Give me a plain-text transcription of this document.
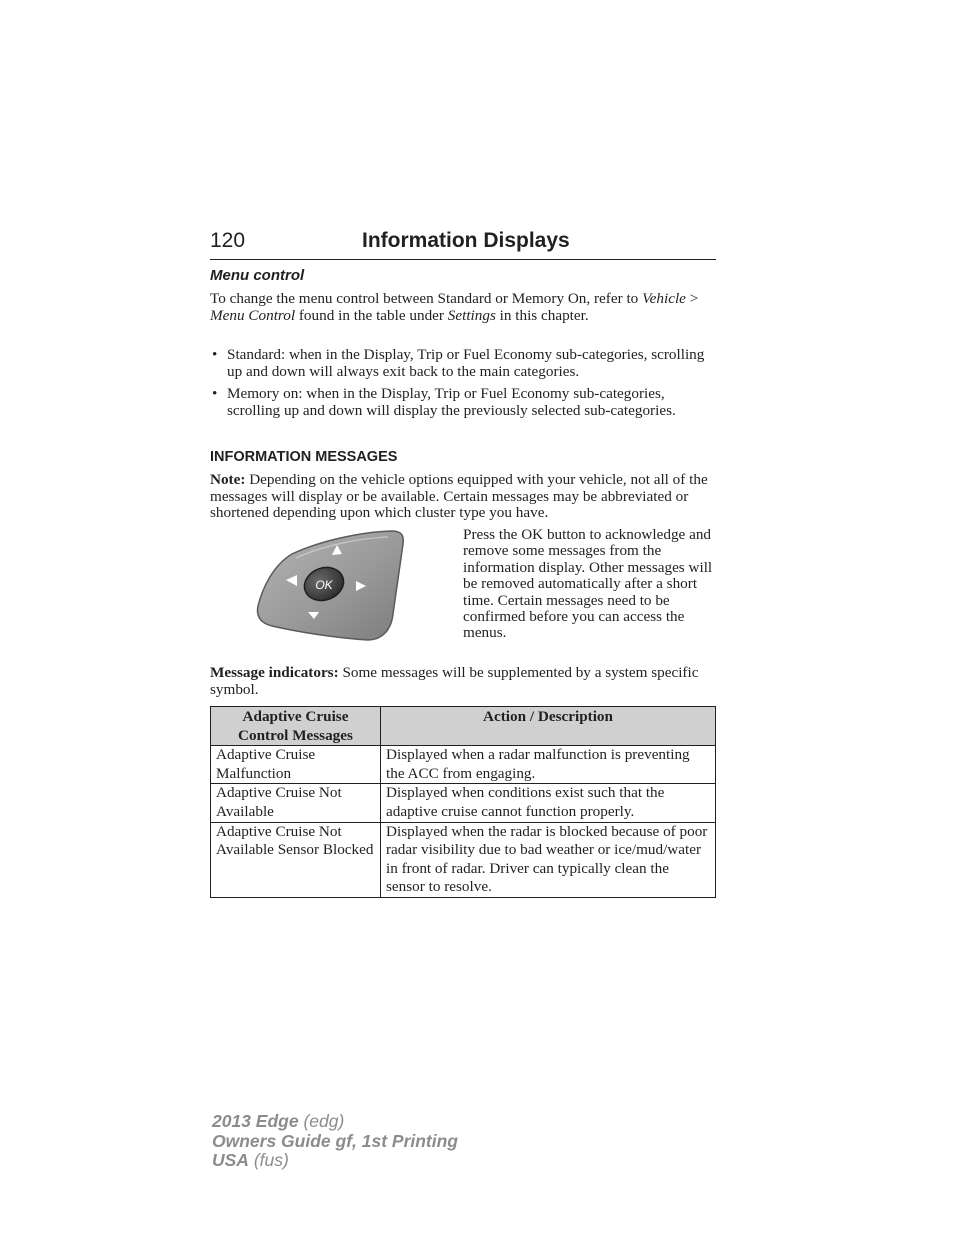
120	Information Displays
Menu control
To change the menu control between Standard or Memory On, refer to Vehicle > Menu Control found in the table under Settings in this chapter.
• Standard: when in the Display, Trip or Fuel Economy sub-categories, scrolling up and down will always exit back to the main categories.
• Memory on: when in the Display, Trip or Fuel Economy sub-categories, scrolling up and down will display the previously selected sub-categories.
INFORMATION MESSAGES
Note: Depending on the vehicle options equipped with your vehicle, not all of the messages will display or be available. Certain messages may be abbreviated or shortened depending upon which cluster type you have.
OK
Press the OK button to acknowledge and remove some messages from the information display. Other messages will be removed automatically after a short time. Certain messages need to be confirmed before you can access the menus.
Message indicators: Some messages will be supplemented by a system specific symbol.
Adaptive Cruise Control Messages	Action / Description
Adaptive Cruise Malfunction	Displayed when a radar malfunction is preventing the ACC from engaging.
Adaptive Cruise Not Available	Displayed when conditions exist such that the adaptive cruise cannot function properly.
Adaptive Cruise Not Available Sensor Blocked	Displayed when the radar is blocked because of poor radar visibility due to bad weather or ice/mud/water in front of radar. Driver can typically clean the sensor to resolve.
2013 Edge (edg)
Owners Guide gf, 1st Printing
USA (fus)
